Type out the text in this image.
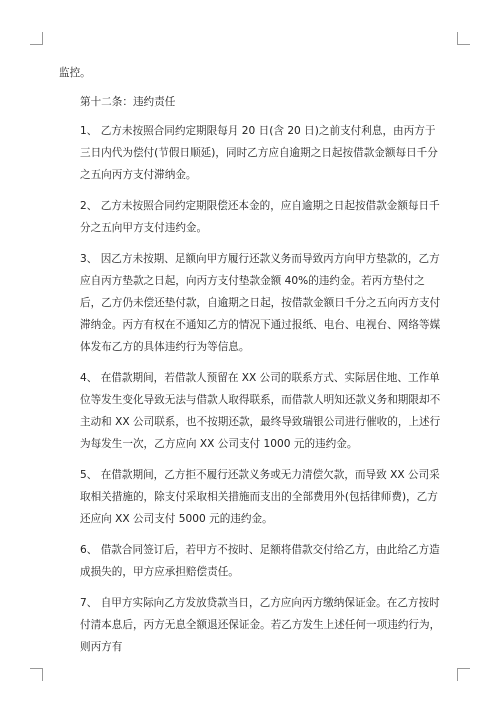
监控。

第十二条：违约责任

1、 乙方未按照合同约定期限每月 20 日(含 20 日)之前支付利息，由丙方于三日内代为偿付(节假日顺延)，同时乙方应自逾期之日起按借款金额每日千分之五向丙方支付滞纳金。

2、 乙方未按照合同约定期限偿还本金的，应自逾期之日起按借款金额每日千分之五向甲方支付违约金。

3、 因乙方未按期、足额向甲方履行还款义务而导致丙方向甲方垫款的，乙方应自丙方垫款之日起，向丙方支付垫款金额 40%的违约金。若丙方垫付之后，乙方仍未偿还垫付款，自逾期之日起，按借款金额日千分之五向丙方支付滞纳金。丙方有权在不通知乙方的情况下通过报纸、电台、电视台、网络等媒体发布乙方的具体违约行为等信息。

4、 在借款期间，若借款人预留在 XX 公司的联系方式、实际居住地、工作单位等发生变化导致无法与借款人取得联系，而借款人明知还款义务和期限却不主动和 XX 公司联系，也不按期还款，最终导致瑞银公司进行催收的，上述行为每发生一次，乙方应向 XX 公司支付 1000 元的违约金。

5、 在借款期间，乙方拒不履行还款义务或无力清偿欠款，而导致 XX 公司采取相关措施的，除支付采取相关措施而支出的全部费用外(包括律师费)，乙方还应向 XX 公司支付 5000 元的违约金。

6、 借款合同签订后，若甲方不按时、足额将借款交付给乙方，由此给乙方造成损失的，甲方应承担赔偿责任。

7、 自甲方实际向乙方发放贷款当日，乙方应向丙方缴纳保证金。在乙方按时付清本息后，丙方无息全额退还保证金。若乙方发生上述任何一项违约行为，则丙方有
